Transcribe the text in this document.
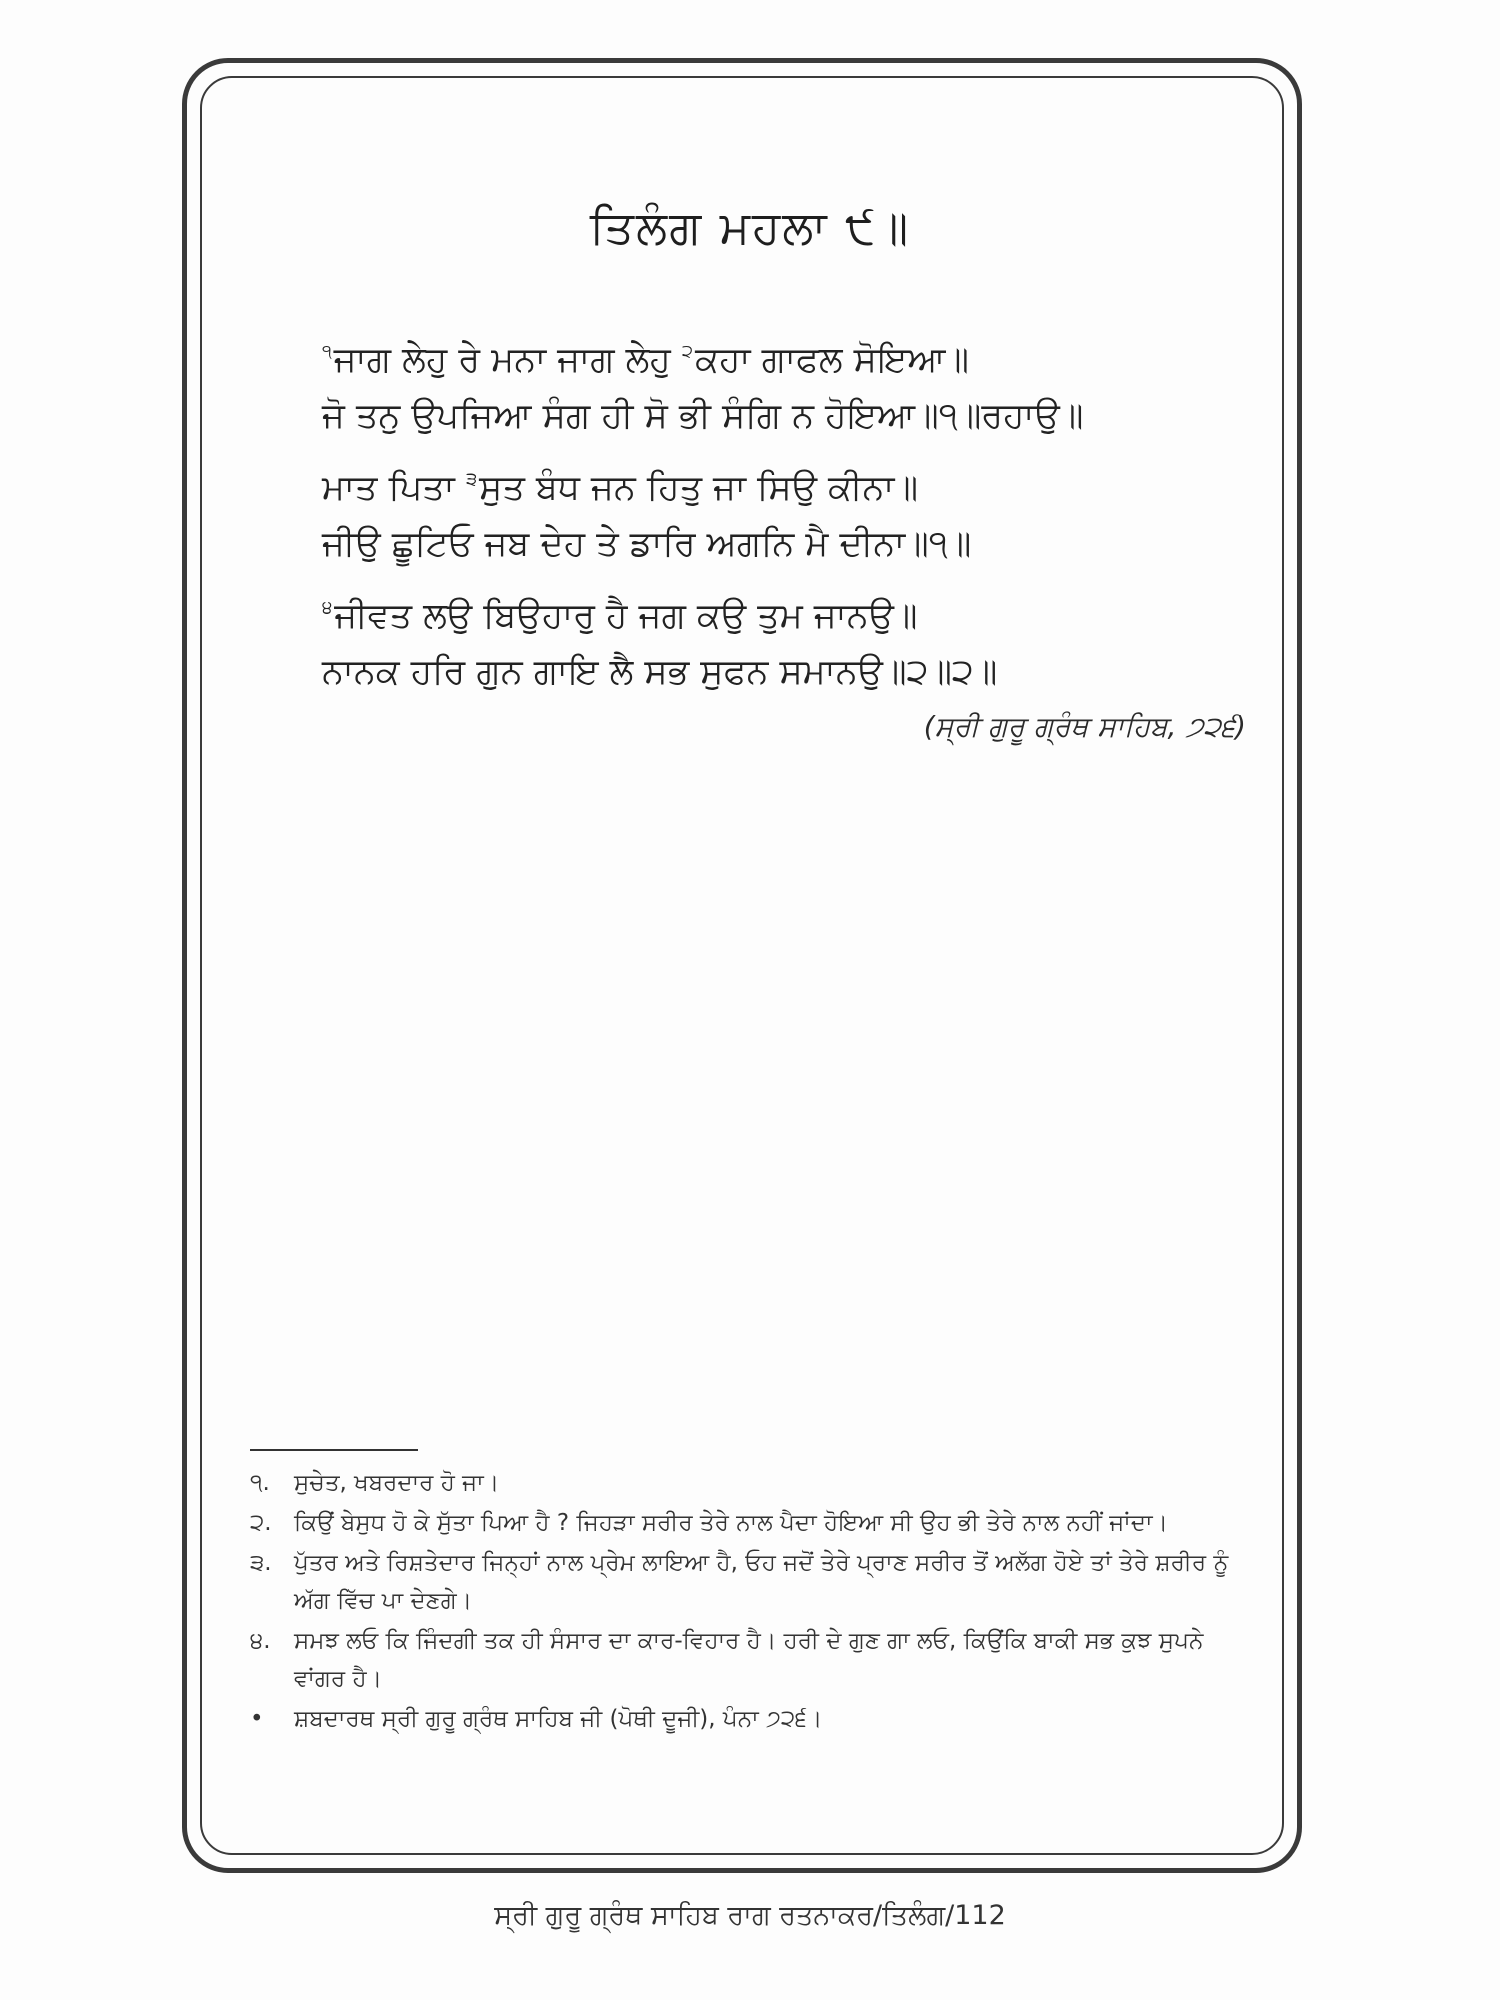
ਤਿਲੰਗ ਮਹਲਾ ੯॥
$^੧$ਜਾਗ ਲੇਹੁ ਰੇ ਮਨਾ ਜਾਗ ਲੇਹੁ $^੨$ਕਹਾ ਗਾਫਲ ਸੋਇਆ॥
ਜੋ ਤਨੁ ਉਪਜਿਆ ਸੰਗ ਹੀ ਸੋ ਭੀ ਸੰਗਿ ਨ ਹੋਇਆ॥੧॥ਰਹਾਉ॥
ਮਾਤ ਪਿਤਾ $^੩$ਸੁਤ ਬੰਧ ਜਨ ਹਿਤੁ ਜਾ ਸਿਉ ਕੀਨਾ॥
ਜੀਉ ਛੂਟਿਓ ਜਬ ਦੇਹ ਤੇ ਡਾਰਿ ਅਗਨਿ ਮੈ ਦੀਨਾ॥੧॥
$^੪$ਜੀਵਤ ਲਉ ਬਿਉਹਾਰੁ ਹੈ ਜਗ ਕਉ ਤੁਮ ਜਾਨਉ॥
ਨਾਨਕ ਹਰਿ ਗੁਨ ਗਾਇ ਲੈ ਸਭ ਸੁਫਨ ਸਮਾਨਉ॥੨॥੨॥
(ਸ੍ਰੀ ਗੁਰੂ ਗ੍ਰੰਥ ਸਾਹਿਬ, ੭੨੬)
੧.	ਸੁਚੇਤ, ਖਬਰਦਾਰ ਹੋ ਜਾ।
੨. ਕਿਉਂ ਬੇਸੁਧ ਹੋ ਕੇ ਸੁੱਤਾ ਪਿਆ ਹੈ ? ਜਿਹੜਾ ਸਰੀਰ ਤੇਰੇ ਨਾਲ ਪੈਦਾ ਹੋਇਆ ਸੀ ਉਹ ਭੀ ਤੇਰੇ ਨਾਲ ਨਹੀਂ ਜਾਂਦਾ।
੩. ਪੁੱਤਰ ਅਤੇ ਰਿਸ਼ਤੇਦਾਰ ਜਿਨ੍ਹਾਂ ਨਾਲ ਪ੍ਰੇਮ ਲਾਇਆ ਹੈ, ਓਹ ਜਦੋਂ ਤੇਰੇ ਪ੍ਰਾਣ ਸਰੀਰ ਤੋਂ ਅਲੱਗ ਹੋਏ ਤਾਂ ਤੇਰੇ ਸ਼ਰੀਰ ਨੂੰ ਅੱਗ ਵਿੱਚ ਪਾ ਦੇਣਗੇ।
੪.	ਸਮਝ ਲਓ ਕਿ ਜਿੰਦਗੀ ਤਕ ਹੀ ਸੰਸਾਰ ਦਾ ਕਾਰ-ਵਿਹਾਰ ਹੈ। ਹਰੀ ਦੇ ਗੁਣ ਗਾ ਲਓ, ਕਿਉਂਕਿ ਬਾਕੀ ਸਭ ਕੁਝ ਸੁਪਨੇ ਵਾਂਗਰ ਹੈ।
•	ਸ਼ਬਦਾਰਥ ਸ੍ਰੀ ਗੁਰੂ ਗ੍ਰੰਥ ਸਾਹਿਬ ਜੀ (ਪੋਥੀ ਦੂਜੀ), ਪੰਨਾ ੭੨੬।
ਸ੍ਰੀ ਗੁਰੂ ਗ੍ਰੰਥ ਸਾਹਿਬ ਰਾਗ ਰਤਨਾਕਰ/ਤਿਲੰਗ/112
